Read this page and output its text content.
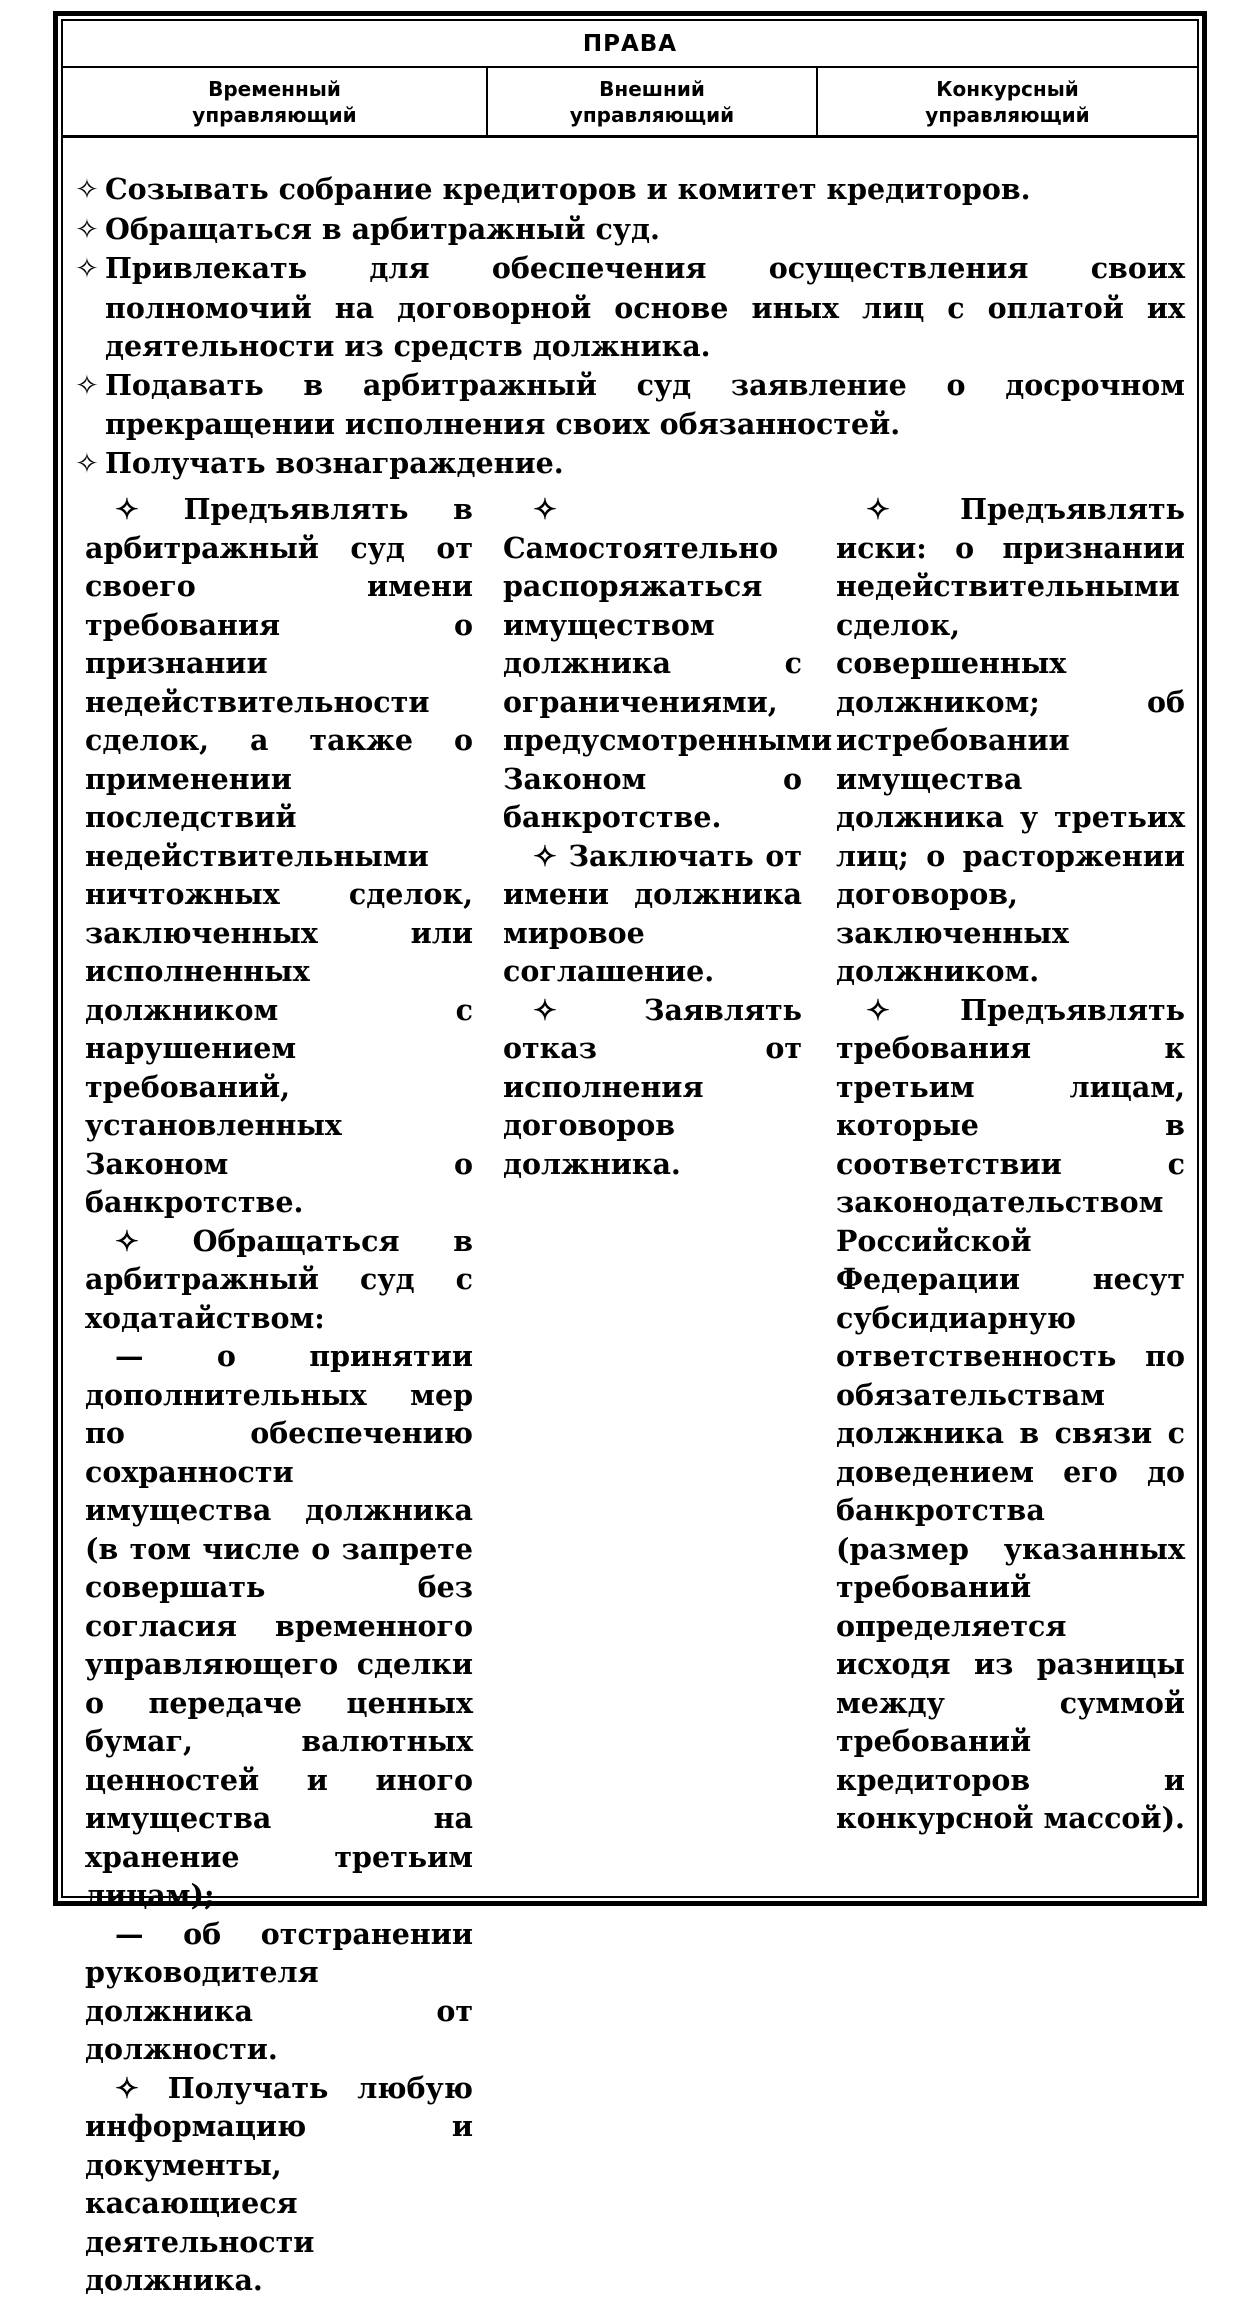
ПРАВА
Временный
управляющий
Внешний
управляющий
Конкурсный
управляющий
✧ Созывать собрание кредиторов и комитет кредиторов.
✧ Обращаться в арбитражный суд.
✧ Привлекать для обеспечения осуществления своих полномочий на договорной основе иных лиц с оплатой их деятельности из средств должника.
✧ Подавать в арбитражный суд заявление о досрочном прекращении исполнения своих обязанностей.
✧ Получать вознаграждение.

✧ Предъявлять в арбитражный суд от своего имени требования о признании недействительности сделок, а также о применении последствий недействительными ничтожных сделок, заключенных или исполненных должником с нарушением требований, установленных Законом о банкротстве.

✧ Обращаться в арбитражный суд с ходатайством:

— о принятии дополнительных мер по обеспечению сохранности имущества должника (в том числе о запрете совершать без согласия временного управляющего сделки о передаче ценных бумаг, валютных ценностей и иного имущества на хранение третьим лицам);

— об отстранении руководителя должника от должности.

✧ Получать любую информацию и документы, касающиеся деятельности должника.

✧ Самостоятельно распоряжаться имуществом должника с ограничениями, предусмотренными Законом о банкротстве.

✧ Заключать от имени должника мировое соглашение.

✧	Заявлять отказ от исполнения договоров должника.

✧ Предъявлять иски: о признании недействительными сделок, совершенных должником; об истребовании имущества должника у третьих лиц; о расторжении договоров, заключенных должником.

✧ Предъявлять требования к третьим лицам, которые в соответствии с законодательством Российской Федерации несут субсидиарную ответственность по обязательствам должника в связи с доведением его до банкротства (размер указанных требований определяется исходя из разницы между суммой требований кредиторов и конкурсной массой).
